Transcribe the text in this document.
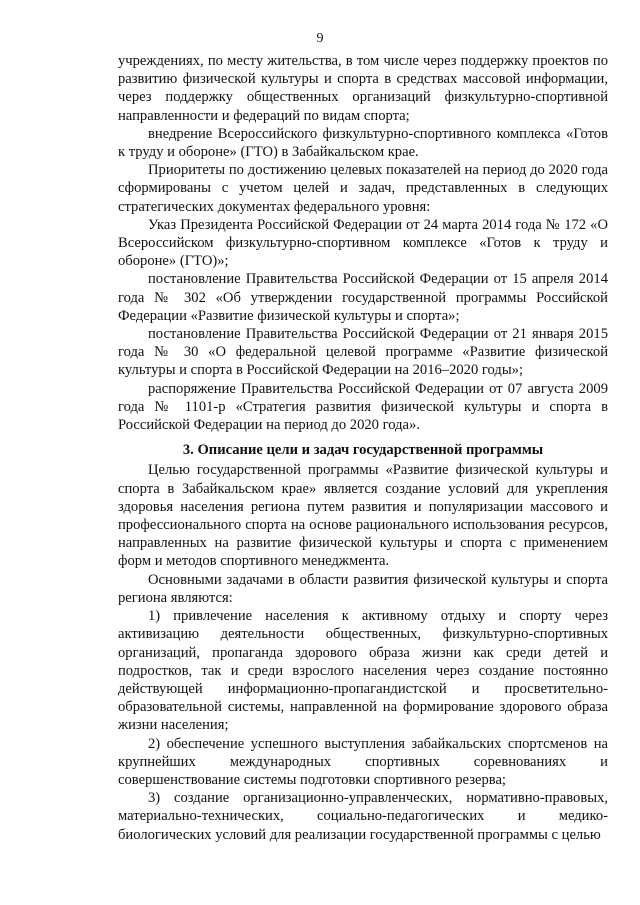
9

учреждениях, по месту жительства, в том числе через поддержку проектов по развитию физической культуры и спорта в средствах массовой информации, через поддержку общественных организаций физкультурно-спортивной направленности и федераций по видам спорта;

внедрение Всероссийского физкультурно-спортивного комплекса «Готов к труду и обороне» (ГТО) в Забайкальском крае.

Приоритеты по достижению целевых показателей на период до 2020 года сформированы с учетом целей и задач, представленных в следующих стратегических документах федерального уровня:

Указ Президента Российской Федерации от 24 марта 2014 года № 172 «О Всероссийском физкультурно-спортивном комплексе «Готов к труду и обороне» (ГТО)»;

постановление Правительства Российской Федерации от 15 апреля 2014 года № 302 «Об утверждении государственной программы Российской Федерации «Развитие физической культуры и спорта»;

постановление Правительства Российской Федерации от 21 января 2015 года № 30 «О федеральной целевой программе «Развитие физической культуры и спорта в Российской Федерации на 2016–2020 годы»;

распоряжение Правительства Российской Федерации от 07 августа 2009 года № 1101-р «Стратегия развития физической культуры и спорта в Российской Федерации на период до 2020 года».

3. Описание цели и задач государственной программы

Целью государственной программы «Развитие физической культуры и спорта в Забайкальском крае» является создание условий для укрепления здоровья населения региона путем развития и популяризации массового и профессионального спорта на основе рационального использования ресурсов, направленных на развитие физической культуры и спорта с применением форм и методов спортивного менеджмента.

Основными задачами в области развития физической культуры и спорта региона являются:

1) привлечение населения к активному отдыху и спорту через активизацию деятельности общественных, физкультурно-спортивных организаций, пропаганда здорового образа жизни как среди детей и подростков, так и среди взрослого населения через создание постоянно действующей информационно-пропагандистской и просветительно-образовательной системы, направленной на формирование здорового образа жизни населения;

2) обеспечение успешного выступления забайкальских спортсменов на крупнейших международных спортивных соревнованиях и совершенствование системы подготовки спортивного резерва;

3) создание организационно-управленческих, нормативно-правовых, материально-технических, социально-педагогических и медико-биологических условий для реализации государственной программы с целью
